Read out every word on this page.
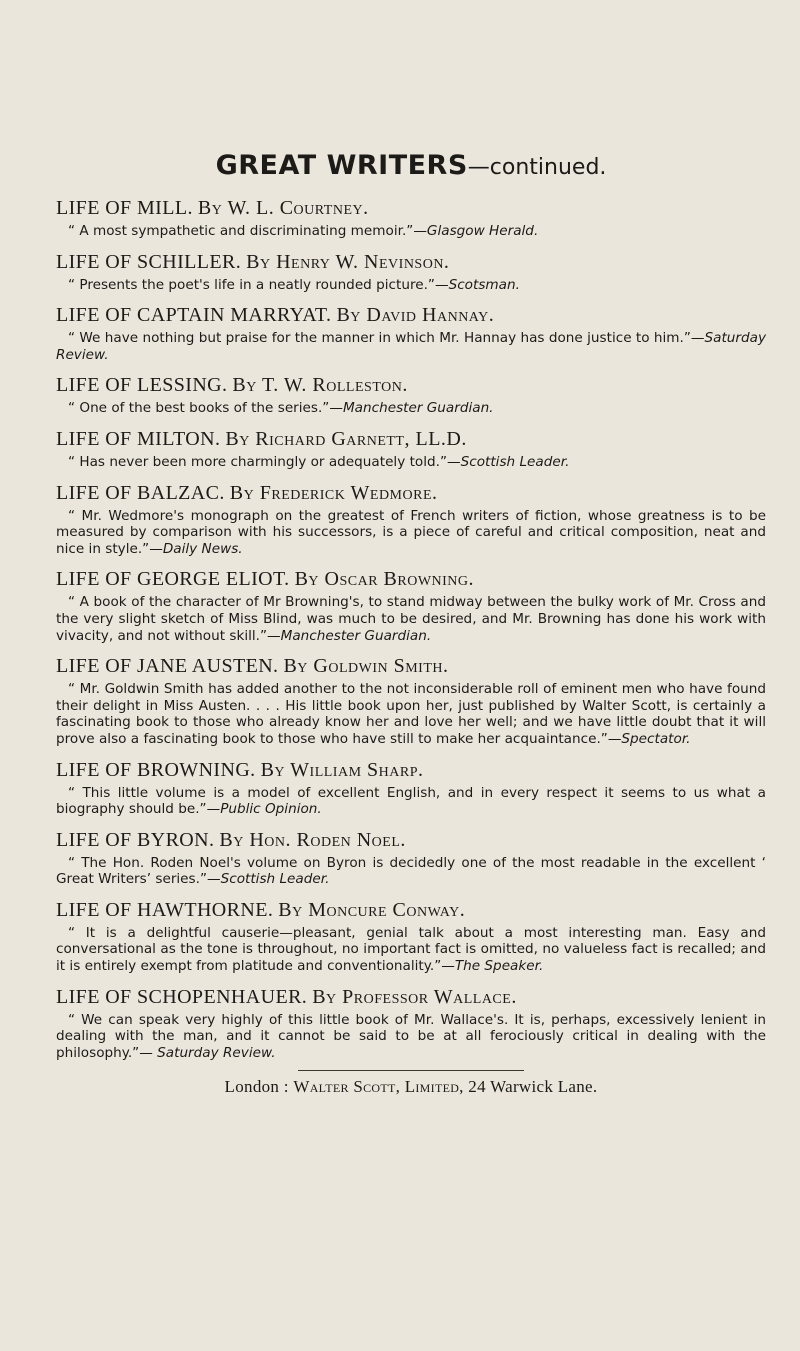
GREAT WRITERS—continued.
LIFE OF MILL. By W. L. Courtney.
“ A most sympathetic and discriminating memoir.”—Glasgow Herald.
LIFE OF SCHILLER. By Henry W. Nevinson.
“ Presents the poet's life in a neatly rounded picture.”—Scotsman.
LIFE OF CAPTAIN MARRYAT. By David Hannay.
“ We have nothing but praise for the manner in which Mr. Hannay has done justice to him.”—Saturday Review.
LIFE OF LESSING. By T. W. Rolleston.
“ One of the best books of the series.”—Manchester Guardian.
LIFE OF MILTON. By Richard Garnett, LL.D.
“ Has never been more charmingly or adequately told.”—Scottish Leader.
LIFE OF BALZAC. By Frederick Wedmore.
“ Mr. Wedmore's monograph on the greatest of French writers of fiction, whose greatness is to be measured by comparison with his successors, is a piece of careful and critical composition, neat and nice in style.”—Daily News.
LIFE OF GEORGE ELIOT. By Oscar Browning.
“ A book of the character of Mr Browning's, to stand midway between the bulky work of Mr. Cross and the very slight sketch of Miss Blind, was much to be desired, and Mr. Browning has done his work with vivacity, and not without skill.”—Manchester Guardian.
LIFE OF JANE AUSTEN. By Goldwin Smith.
“ Mr. Goldwin Smith has added another to the not inconsiderable roll of eminent men who have found their delight in Miss Austen. . . . His little book upon her, just published by Walter Scott, is certainly a fascinating book to those who already know her and love her well; and we have little doubt that it will prove also a fascinating book to those who have still to make her acquaintance.”—Spectator.
LIFE OF BROWNING. By William Sharp.
“ This little volume is a model of excellent English, and in every respect it seems to us what a biography should be.”—Public Opinion.
LIFE OF BYRON. By Hon. Roden Noel.
“ The Hon. Roden Noel's volume on Byron is decidedly one of the most readable in the excellent ‘ Great Writers’ series.”—Scottish Leader.
LIFE OF HAWTHORNE. By Moncure Conway.
“ It is a delightful causerie—pleasant, genial talk about a most interesting man. Easy and conversational as the tone is throughout, no important fact is omitted, no valueless fact is recalled; and it is entirely exempt from platitude and conventionality.”—The Speaker.
LIFE OF SCHOPENHAUER. By Professor Wallace.
“ We can speak very highly of this little book of Mr. Wallace's. It is, perhaps, excessively lenient in dealing with the man, and it cannot be said to be at all ferociously critical in dealing with the philosophy.”— Saturday Review.
London : Walter Scott, Limited, 24 Warwick Lane.
